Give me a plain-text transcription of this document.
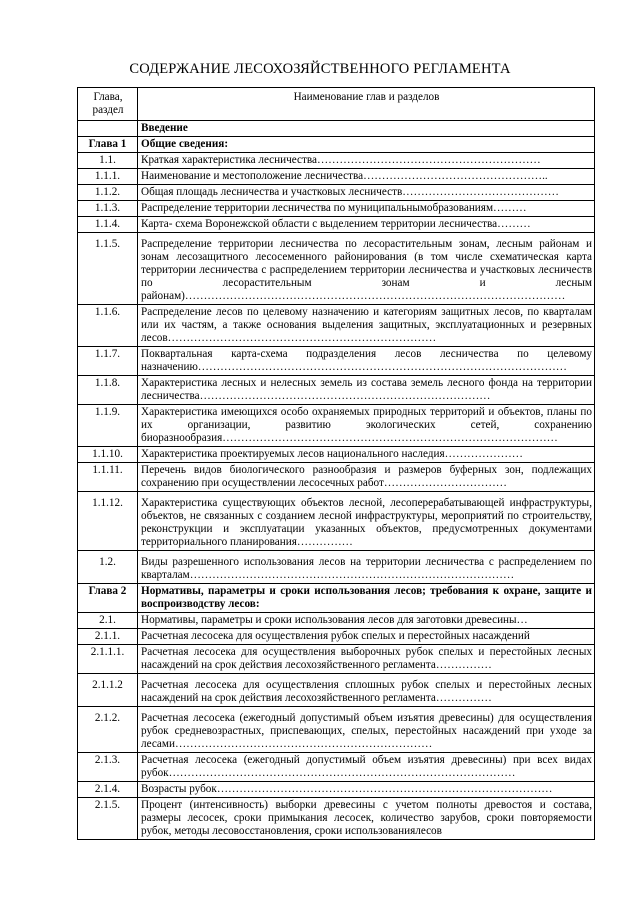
СОДЕРЖАНИЕ ЛЕСОХОЗЯЙСТВЕННОГО РЕГЛАМЕНТА
Глава, раздел	Наименование глав и разделов
	Введение
Глава 1	Общие сведения:
1.1.	Краткая характеристика лесничества……………………………………………………
1.1.1.	Наименование и местоположение лесничества…………………………………………..
1.1.2.	Общая площадь лесничества и участковых лесничеств……………………………………
1.1.3.	Распределение территории лесничества по муниципальнымобразованиям………
1.1.4.	Карта- схема Воронежской области с выделением территории лесничества………
1.1.5.	Распределение территории лесничества по лесорастительным зонам, лесным районам и зонам лесозащитного лесосеменного районирования (в том числе схематическая карта территории лесничества с распределением территории лесничества и участковых лесничеств по лесорастительным зонам и лесным районам)…………………………………………………………………………………………
1.1.6.	Распределение лесов по целевому назначению и категориям защитных лесов, по кварталам или их частям, а также основания выделения защитных, эксплуатационных и резервных лесов………………………………………………………………
1.1.7.	Поквартальная карта-схема подразделения лесов лесничества по целевому назначению………………………………………………………………………………………
1.1.8.	Характеристика лесных и нелесных земель из состава земель лесного фонда на территории лесничества……………………………………………………………………
1.1.9.	Характеристика имеющихся особо охраняемых природных территорий и объектов, планы по их организации, развитию экологических сетей, сохранению биоразнообразия………………………………………………………………………………
1.1.10.	Характеристика проектируемых лесов национального наследия…………………
1.1.11.	Перечень видов биологического разнообразия и размеров буферных зон, подлежащих сохранению при осуществлении лесосечных работ……………………………
1.1.12.	Характеристика существующих объектов лесной, лесоперерабатывающей инфраструктуры, объектов, не связанных с созданием лесной инфраструктуры, мероприятий по строительству, реконструкции и эксплуатации указанных объектов, предусмотренных документами территориального планирования……………
1.2.	Виды разрешенного использования лесов на территории лесничества с распределением по кварталам……………………………………………………………………………
Глава 2	Нормативы, параметры и сроки использования лесов; требования к охране, защите и воспроизводству лесов:
2.1.	Нормативы, параметры и сроки использования лесов для заготовки древесины…
2.1.1.	Расчетная лесосека для осуществления рубок спелых и перестойных насаждений
2.1.1.1.	Расчетная лесосека для осуществления выборочных рубок спелых и перестойных лесных насаждений на срок действия лесохозяйственного регламента……………
2.1.1.2	Расчетная лесосека для осуществления сплошных рубок спелых и перестойных лесных насаждений на срок действия лесохозяйственного регламента……………
2.1.2.	Расчетная лесосека (ежегодный допустимый объем изъятия древесины) для осуществления рубок средневозрастных, приспевающих, спелых, перестойных насаждений при уходе за лесами……………………………………………………………
2.1.3.	Расчетная лесосека (ежегодный допустимый объем изъятия древесины) при всех видах рубок…………………………………………………………………………………
2.1.4.	Возрасты рубок………………………………………………………………………………
2.1.5.	Процент (интенсивность) выборки древесины с учетом полноты древостоя и состава, размеры лесосек, сроки примыкания лесосек, количество зарубов, сроки повторяемости рубок, методы лесовосстановления, сроки использованиялесов
